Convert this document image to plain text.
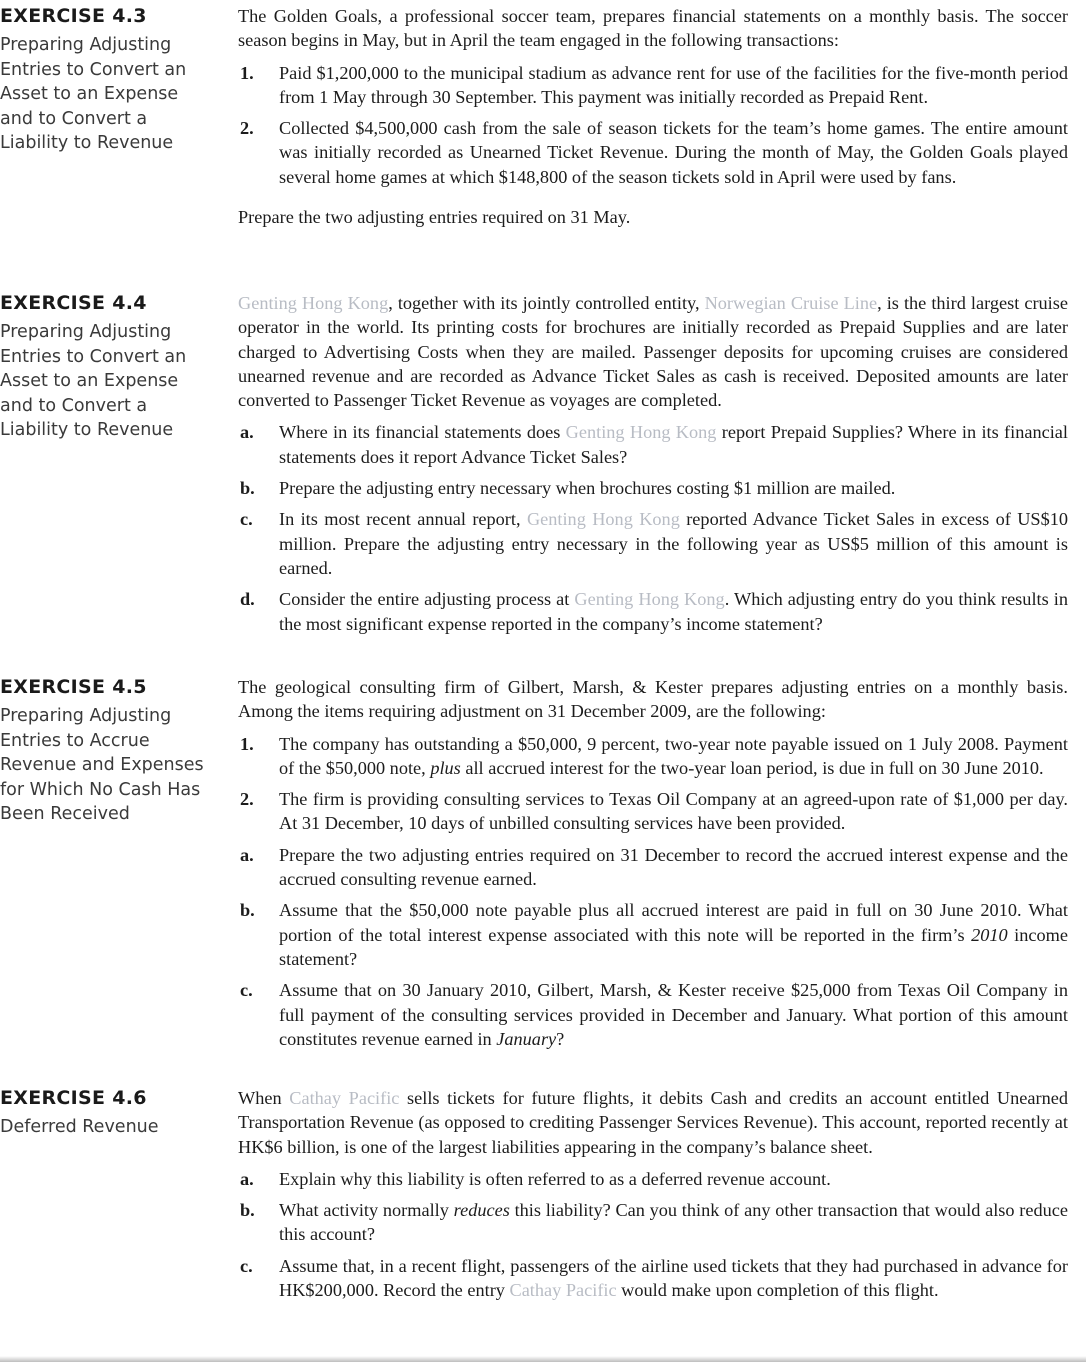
EXERCISE 4.3
Preparing Adjusting Entries to Convert an Asset to an Expense and to Convert a Liability to Revenue

The Golden Goals, a professional soccer team, prepares financial statements on a monthly basis. The soccer season begins in May, but in April the team engaged in the following transactions:

1. Paid $1,200,000 to the municipal stadium as advance rent for use of the facilities for the five-month period from 1 May through 30 September. This payment was initially recorded as Prepaid Rent.
2. Collected $4,500,000 cash from the sale of season tickets for the team’s home games. The entire amount was initially recorded as Unearned Ticket Revenue. During the month of May, the Golden Goals played several home games at which $148,800 of the season tickets sold in April were used by fans.

Prepare the two adjusting entries required on 31 May.

EXERCISE 4.4
Preparing Adjusting Entries to Convert an Asset to an Expense and to Convert a Liability to Revenue

Genting Hong Kong, together with its jointly controlled entity, Norwegian Cruise Line, is the third largest cruise operator in the world. Its printing costs for brochures are initially recorded as Prepaid Supplies and are later charged to Advertising Costs when they are mailed. Passenger deposits for upcoming cruises are considered unearned revenue and are recorded as Advance Ticket Sales as cash is received. Deposited amounts are later converted to Passenger Ticket Revenue as voyages are completed.

a. Where in its financial statements does Genting Hong Kong report Prepaid Supplies? Where in its financial statements does it report Advance Ticket Sales?
b. Prepare the adjusting entry necessary when brochures costing $1 million are mailed.
c. In its most recent annual report, Genting Hong Kong reported Advance Ticket Sales in excess of US$10 million. Prepare the adjusting entry necessary in the following year as US$5 million of this amount is earned.
d. Consider the entire adjusting process at Genting Hong Kong. Which adjusting entry do you think results in the most significant expense reported in the company’s income statement?
EXERCISE 4.5
Preparing Adjusting Entries to Accrue Revenue and Expenses for Which No Cash Has Been Received

The geological consulting firm of Gilbert, Marsh, & Kester prepares adjusting entries on a monthly basis. Among the items requiring adjustment on 31 December 2009, are the following:

1. The company has outstanding a $50,000, 9 percent, two-year note payable issued on 1 July 2008. Payment of the $50,000 note, plus all accrued interest for the two-year loan period, is due in full on 30 June 2010.
2. The firm is providing consulting services to Texas Oil Company at an agreed-upon rate of $1,000 per day. At 31 December, 10 days of unbilled consulting services have been provided.
a. Prepare the two adjusting entries required on 31 December to record the accrued interest expense and the accrued consulting revenue earned.
b. Assume that the $50,000 note payable plus all accrued interest are paid in full on 30 June 2010. What portion of the total interest expense associated with this note will be reported in the firm’s 2010 income statement?
c. Assume that on 30 January 2010, Gilbert, Marsh, & Kester receive $25,000 from Texas Oil Company in full payment of the consulting services provided in December and January. What portion of this amount constitutes revenue earned in January?
EXERCISE 4.6
Deferred Revenue

When Cathay Pacific sells tickets for future flights, it debits Cash and credits an account entitled Unearned Transportation Revenue (as opposed to crediting Passenger Services Revenue). This account, reported recently at HK$6 billion, is one of the largest liabilities appearing in the company’s balance sheet.

a. Explain why this liability is often referred to as a deferred revenue account.
b. What activity normally reduces this liability? Can you think of any other transaction that would also reduce this account?
c. Assume that, in a recent flight, passengers of the airline used tickets that they had purchased in advance for HK$200,000. Record the entry Cathay Pacific would make upon completion of this flight.
